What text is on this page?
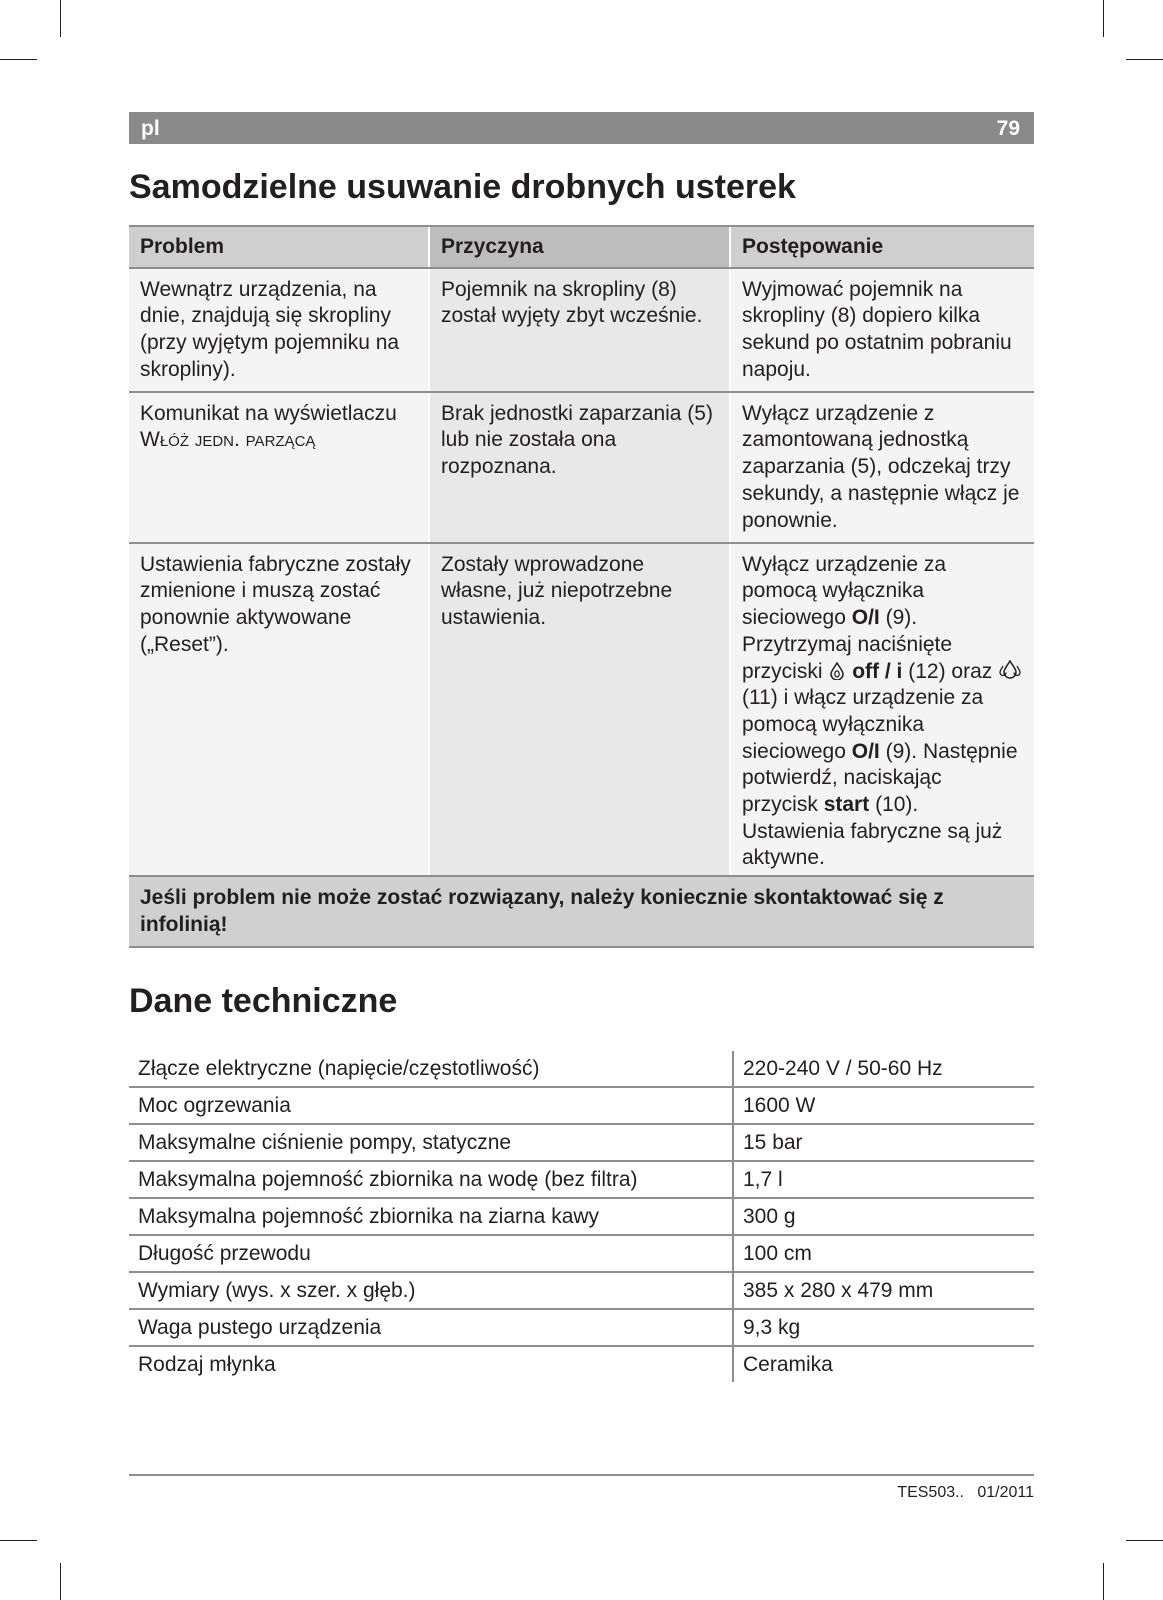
pl	79
Samodzielne usuwanie drobnych usterek
Problem	Przyczyna	Postępowanie
Wewnątrz urządzenia, na dnie, znajdują się skropliny (przy wyjętym pojemniku na skropliny).	Pojemnik na skropliny (8) został wyjęty zbyt wcześnie.	Wyjmować pojemnik na skropliny (8) dopiero kilka sekund po ostatnim pobraniu napoju.
Komunikat na wyświetlaczu Włóż jedn. parzącą	Brak jednostki zaparzania (5) lub nie została ona rozpoznana.	Wyłącz urządzenie z zamontowaną jednostką zaparzania (5), odczekaj trzy sekundy, a następnie włącz je ponownie.
Ustawienia fabryczne zostały zmienione i muszą zostać ponownie aktywowane („Reset”).	Zostały wprowadzone własne, już niepotrzebne ustawienia.	Wyłącz urządzenie za pomocą wyłącznika sieciowego O/I (9). Przytrzymaj naciśnięte przyciski off / i (12) oraz  (11) i włącz urządzenie za pomocą wyłącznika sieciowego O/I (9). Następnie potwierdź, naciskając przycisk start (10). Ustawienia fabryczne są już aktywne.
Jeśli problem nie może zostać rozwiązany, należy koniecznie skontaktować się z infolinią!		
Dane techniczne
Złącze elektryczne (napięcie/częstotliwość)	220-240 V / 50-60 Hz
Moc ogrzewania	1600 W
Maksymalne ciśnienie pompy, statyczne	15 bar
Maksymalna pojemność zbiornika na wodę (bez filtra)	1,7 l
Maksymalna pojemność zbiornika na ziarna kawy	300 g
Długość przewodu	100 cm
Wymiary (wys. x szer. x głęb.)	385 x 280 x 479 mm
Waga pustego urządzenia	9,3 kg
Rodzaj młynka	Ceramika
TES503.. 01/2011
